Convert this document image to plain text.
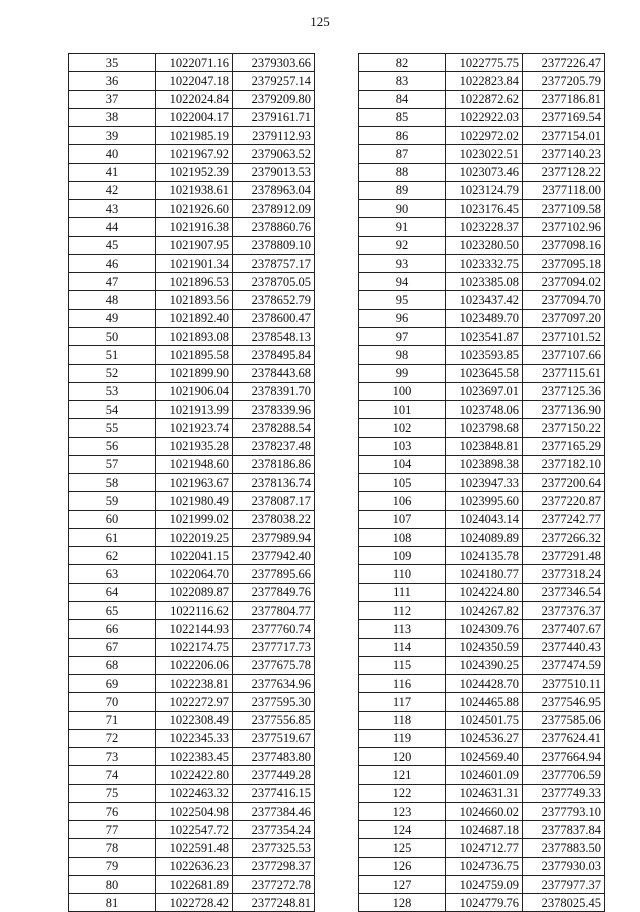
125
35	1022071.16	2379303.66
36	1022047.18	2379257.14
37	1022024.84	2379209.80
38	1022004.17	2379161.71
39	1021985.19	2379112.93
40	1021967.92	2379063.52
41	1021952.39	2379013.53
42	1021938.61	2378963.04
43	1021926.60	2378912.09
44	1021916.38	2378860.76
45	1021907.95	2378809.10
46	1021901.34	2378757.17
47	1021896.53	2378705.05
48	1021893.56	2378652.79
49	1021892.40	2378600.47
50	1021893.08	2378548.13
51	1021895.58	2378495.84
52	1021899.90	2378443.68
53	1021906.04	2378391.70
54	1021913.99	2378339.96
55	1021923.74	2378288.54
56	1021935.28	2378237.48
57	1021948.60	2378186.86
58	1021963.67	2378136.74
59	1021980.49	2378087.17
60	1021999.02	2378038.22
61	1022019.25	2377989.94
62	1022041.15	2377942.40
63	1022064.70	2377895.66
64	1022089.87	2377849.76
65	1022116.62	2377804.77
66	1022144.93	2377760.74
67	1022174.75	2377717.73
68	1022206.06	2377675.78
69	1022238.81	2377634.96
70	1022272.97	2377595.30
71	1022308.49	2377556.85
72	1022345.33	2377519.67
73	1022383.45	2377483.80
74	1022422.80	2377449.28
75	1022463.32	2377416.15
76	1022504.98	2377384.46
77	1022547.72	2377354.24
78	1022591.48	2377325.53
79	1022636.23	2377298.37
80	1022681.89	2377272.78
81	1022728.42	2377248.81
82	1022775.75	2377226.47
83	1022823.84	2377205.79
84	1022872.62	2377186.81
85	1022922.03	2377169.54
86	1022972.02	2377154.01
87	1023022.51	2377140.23
88	1023073.46	2377128.22
89	1023124.79	2377118.00
90	1023176.45	2377109.58
91	1023228.37	2377102.96
92	1023280.50	2377098.16
93	1023332.75	2377095.18
94	1023385.08	2377094.02
95	1023437.42	2377094.70
96	1023489.70	2377097.20
97	1023541.87	2377101.52
98	1023593.85	2377107.66
99	1023645.58	2377115.61
100	1023697.01	2377125.36
101	1023748.06	2377136.90
102	1023798.68	2377150.22
103	1023848.81	2377165.29
104	1023898.38	2377182.10
105	1023947.33	2377200.64
106	1023995.60	2377220.87
107	1024043.14	2377242.77
108	1024089.89	2377266.32
109	1024135.78	2377291.48
110	1024180.77	2377318.24
111	1024224.80	2377346.54
112	1024267.82	2377376.37
113	1024309.76	2377407.67
114	1024350.59	2377440.43
115	1024390.25	2377474.59
116	1024428.70	2377510.11
117	1024465.88	2377546.95
118	1024501.75	2377585.06
119	1024536.27	2377624.41
120	1024569.40	2377664.94
121	1024601.09	2377706.59
122	1024631.31	2377749.33
123	1024660.02	2377793.10
124	1024687.18	2377837.84
125	1024712.77	2377883.50
126	1024736.75	2377930.03
127	1024759.09	2377977.37
128	1024779.76	2378025.45
